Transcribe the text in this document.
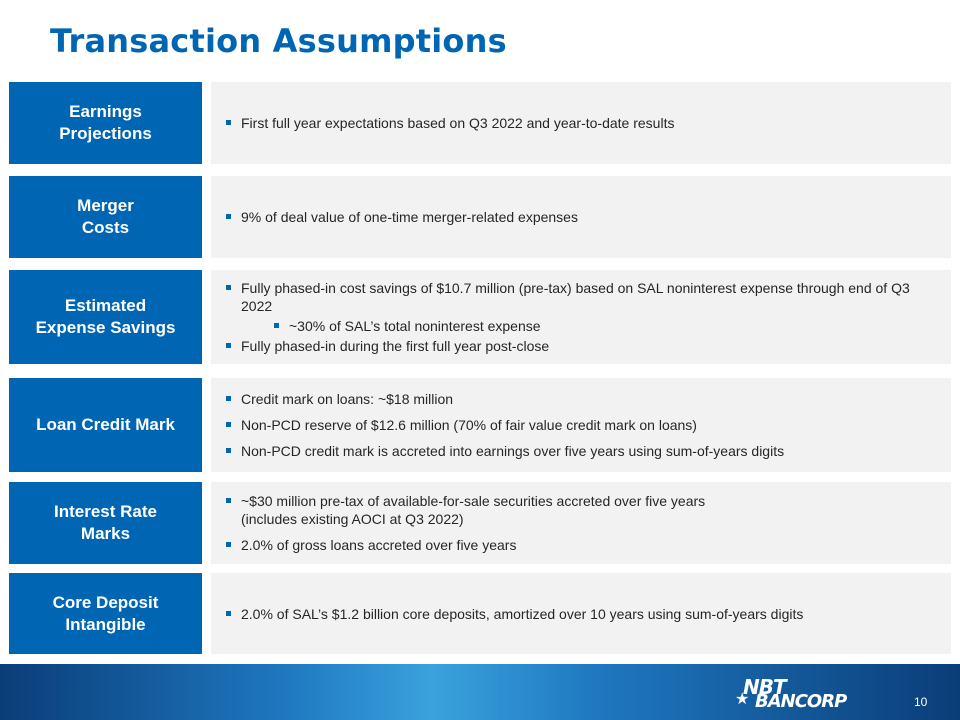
Transaction Assumptions
Earnings
Projections
First full year expectations based on Q3 2022 and year-to-date results
Merger
Costs
9% of deal value of one-time merger-related expenses
Estimated
Expense Savings
Fully phased-in cost savings of $10.7 million (pre-tax) based on SAL noninterest expense through end of Q3 2022
~30% of SAL’s total noninterest expense
Fully phased-in during the first full year post-close
Loan Credit Mark
Credit mark on loans: ~$18 million
Non-PCD reserve of $12.6 million (70% of fair value credit mark on loans)
Non-PCD credit mark is accreted into earnings over five years using sum-of-years digits
Interest Rate
Marks
~$30 million pre-tax of available-for-sale securities accreted over five years
(includes existing AOCI at Q3 2022)
2.0% of gross loans accreted over five years
Core Deposit
Intangible
2.0% of SAL’s $1.2 billion core deposits, amortized over 10 years using sum-of-years digits
★
NBT
BANCORP	10
